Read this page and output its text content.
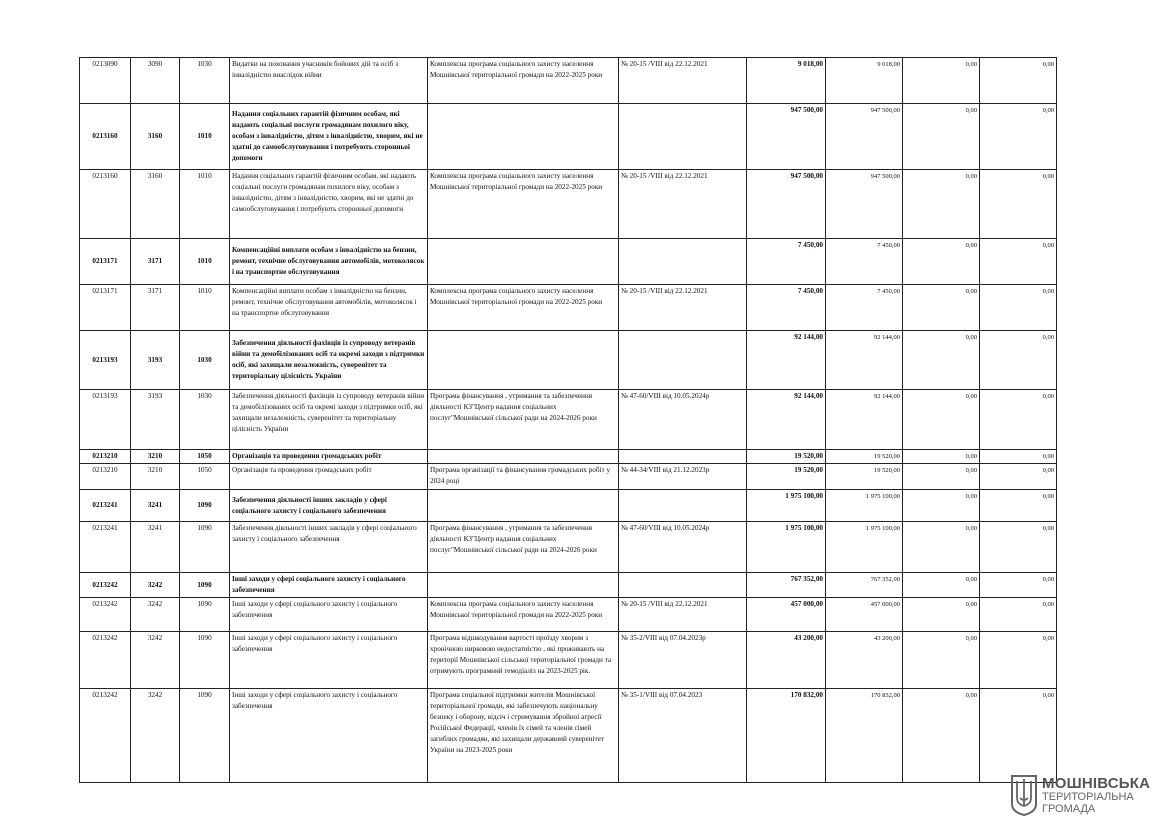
0213090	3090	1030	Видатки на поховання учасників бойових дій та осіб з інвалідністю внаслідок війни	Комплексна програма соціального захисту населення Мошнівської територіальної громади на 2022-2025 роки	№ 20-15 /VIII від 22.12.2021	9 018,00	9 018,00	0,00	0,00
0213160	3160	1010	Надання соціальних гарантій фізичним особам, які надають соціальні послуги громадянам похилого віку, особам з інвалідністю, дітям з інвалідністю, хворим, які не здатні до самообслуговування і потребують сторонньої допомоги			947 500,00	947 500,00	0,00	0,00
0213160	3160	1010	Надання соціальних гарантій фізичним особам, які надають соціальні послуги громадянам похилого віку, особам з інвалідністю, дітям з інвалідністю, хворим, які не здатні до самообслуговування і потребують сторонньої допомоги	Комплексна програма соціального захисту населення Мошнівської територіальної громади на 2022-2025 роки	№ 20-15 /VIII від 22.12.2021	947 500,00	947 500,00	0,00	0,00
0213171	3171	1010	Компенсаційні виплати особам з інвалідністю на бензин, ремонт, технічне обслуговування автомобілів, мотоколясок і на транспортне обслуговування			7 450,00	7 450,00	0,00	0,00
0213171	3171	1010	Компенсаційні виплати особам з інвалідністю на бензин, ремонт, технічне обслуговування автомобілів, мотоколясок і на транспортне обслуговування	Комплексна програма соціального захисту населення Мошнівської територіальної громади на 2022-2025 роки	№ 20-15 /VIII від 22.12.2021	7 450,00	7 450,00	0,00	0,00
0213193	3193	1030	Забезпечення діяльності фахівців із супроводу ветеранів війни та демобілізованих осіб та окремі заходи з підтримки осіб, які захищали незалежність, суверенітет та територіальну цілісність України			92 144,00	92 144,00	0,00	0,00
0213193	3193	1030	Забезпечення діяльності фахівців із супроводу ветеранів війни та демобілізованих осіб та окремі заходи з підтримки осіб, які захищали незалежність, суверенітет та територіальну цілісність України	Програма фінансування , утримання та забезпечення діяльності КЗ"Центр надання соціальних послуг"Мошнівської сільської ради на 2024-2026 роки	№ 47-60/VIII від 10.05.2024р	92 144,00	92 144,00	0,00	0,00
0213210	3210	1050	Організація та проведення громадських робіт			19 520,00	19 520,00	0,00	0,00
0213210	3210	1050	Організація та проведення громадських робіт	Програма організації та фінансування громадських робіт у 2024 році	№ 44-34/VIII від 21.12.2023р	19 520,00	19 520,00	0,00	0,00
0213241	3241	1090	Забезпечення діяльності інших закладів у сфері соціального захисту і соціального забезпечення			1 975 100,00	1 975 100,00	0,00	0,00
0213241	3241	1090	Забезпечення діяльності інших закладів у сфері соціального захисту і соціального забезпечення	Програма фінансування , утримання та забезпечення діяльності КЗ"Центр надання соціальних послуг"Мошнівської сільської ради на 2024-2026 роки	№ 47-60/VIII від 10.05.2024р	1 975 100,00	1 975 100,00	0,00	0,00
0213242	3242	1090	Інші заходи у сфері соціального захисту і соціального забезпечення			767 352,00	767 352,00	0,00	0,00
0213242	3242	1090	Інші заходи у сфері соціального захисту і соціального забезпечення	Комплексна програма соціального захисту населення Мошнівської територіальної громади на 2022-2025 роки	№ 20-15 /VIII від 22.12.2021	457 000,00	457 000,00	0,00	0,00
0213242	3242	1090	Інші заходи у сфері соціального захисту і соціального забезпечення	Програма відшкодування вартості проїзду хворим з хронічною нирковою недостатністю , які проживають на території Мошнівської сільської територіальної громади та отримують програмний гемодіаліз на 2023-2025 рік.	№ 35-2/VIII від 07.04.2023р	43 200,00	43 200,00	0,00	0,00
0213242	3242	1090	Інші заходи у сфері соціального захисту і соціального забезпечення	Програма соціальної підтримки жителів Мошнівської територіальної громади, які забезпечують національну безпеку і оборону, відсіч і стримування збройної агресії Російської Федерації, членів їх сімей та членів сімей загиблих громадян, які захищали державний суверенітет України на 2023-2025 роки	№ 35-1/VIII від 07.04.2023	170 832,00	170 832,00	0,00	0,00
МОШНІВСЬКА
ТЕРИТОРІАЛЬНА
ГРОМАДА
